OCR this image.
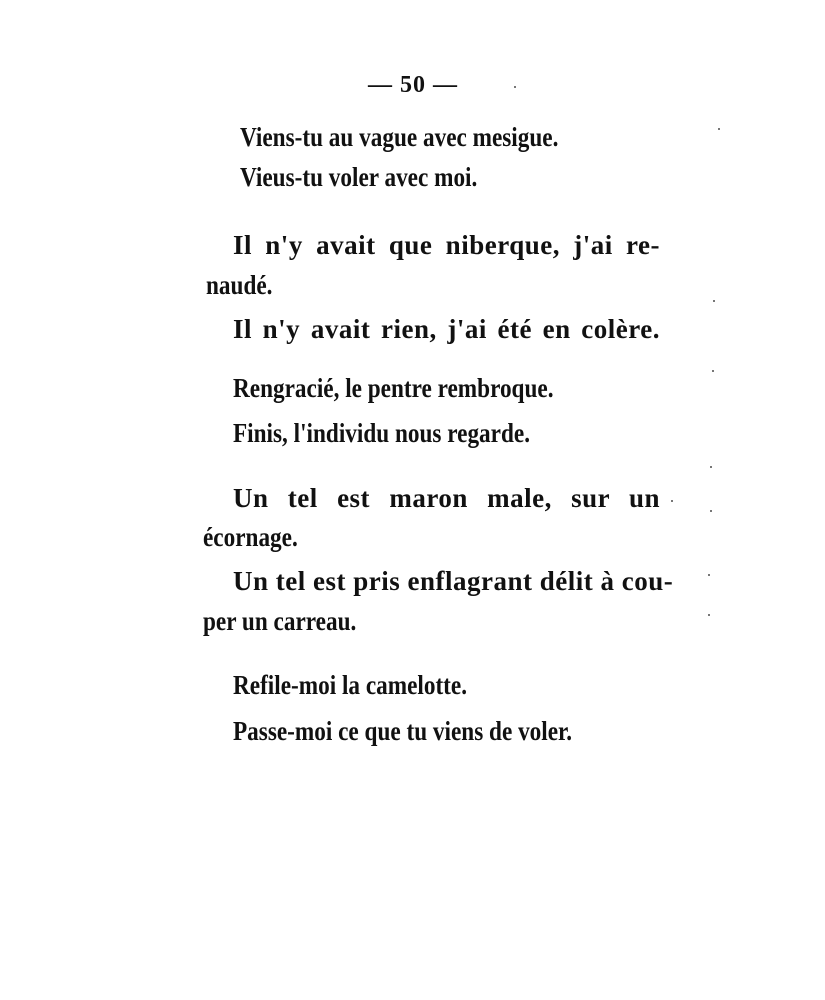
— 50 —
Viens-tu au vague avec mesigue.
Vieus-tu voler avec moi.
Il n'y avait que niberque, j'ai re-
naudé.
Il n'y avait rien, j'ai été en colère.
Rengracié, le pentre rembroque.
Finis, l'individu nous regarde.
Un tel est maron male, sur un
écornage.
Un tel est pris enflagrant délit à cou-
per un carreau.
Refile-moi la camelotte.
Passe-moi ce que tu viens de voler.
